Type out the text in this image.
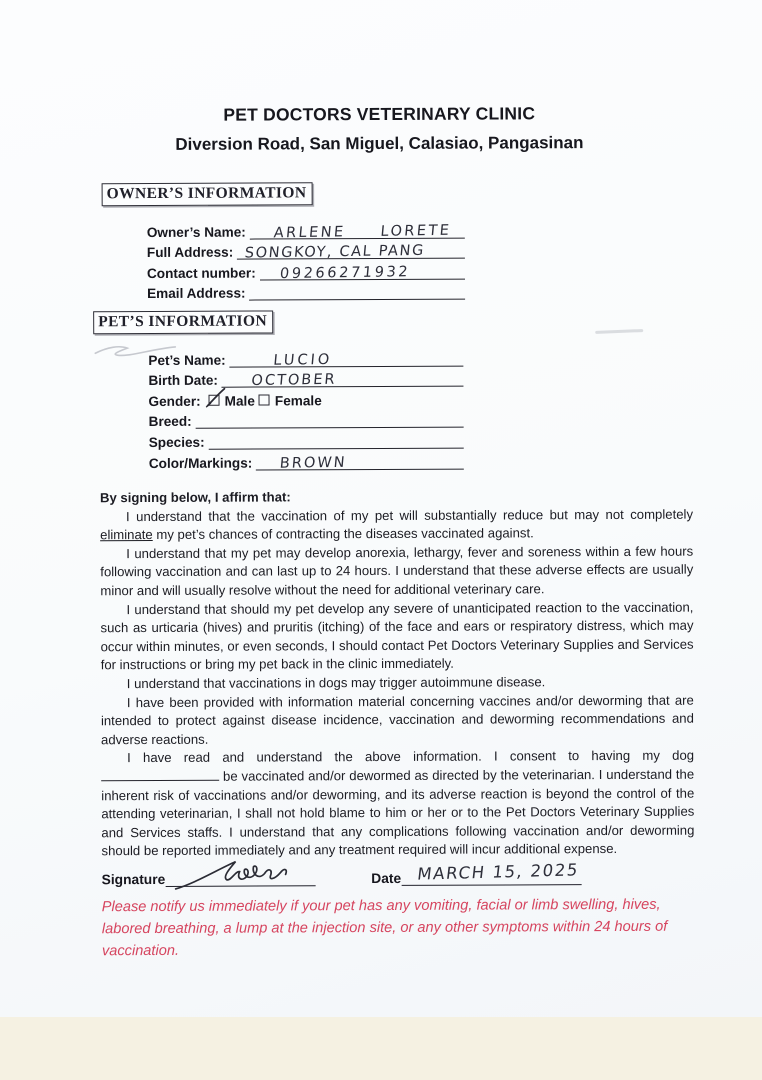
PET DOCTORS VETERINARY CLINIC
Diversion Road, San Miguel, Calasiao, Pangasinan
OWNER’S INFORMATION
Owner’s Name: ARLENE LORETE
Full Address: SONGKOY, CAL PANG
Contact number: 09266271932
Email Address:
PET’S INFORMATION
Pet’s Name:	LUCIO
Birth Date: OCTOBER
Gender: Male Female
Breed:
Species:
Color/Markings: BROWN

By signing below, I affirm that:

I understand that the vaccination of my pet will substantially reduce but may not completely eliminate my pet’s chances of contracting the diseases vaccinated against.

I understand that my pet may develop anorexia, lethargy, fever and soreness within a few hours following vaccination and can last up to 24 hours. I understand that these adverse effects are usually minor and will usually resolve without the need for additional veterinary care.

I understand that should my pet develop any severe of unanticipated reaction to the vaccination, such as urticaria (hives) and pruritis (itching) of the face and ears or respiratory distress, which may occur within minutes, or even seconds, I should contact Pet Doctors Veterinary Supplies and Services for instructions or bring my pet back in the clinic immediately.

I understand that vaccinations in dogs may trigger autoimmune disease.

I have been provided with information material concerning vaccines and/or deworming that are intended to protect against disease incidence, vaccination and deworming recommendations and adverse reactions.

I have read and understand the above information. I consent to having my dog  be vaccinated and/or dewormed as directed by the veterinarian. I understand the inherent risk of vaccinations and/or deworming, and its adverse reaction is beyond the control of the attending veterinarian, I shall not hold blame to him or her or to the Pet Doctors Veterinary Supplies and Services staffs. I understand that any complications following vaccination and/or deworming should be reported immediately and any treatment required will incur additional expense.

Signature	Date MARCH 15, 2025

Please notify us immediately if your pet has any vomiting, facial or limb swelling, hives, labored breathing, a lump at the injection site, or any other symptoms within 24 hours of vaccination.
